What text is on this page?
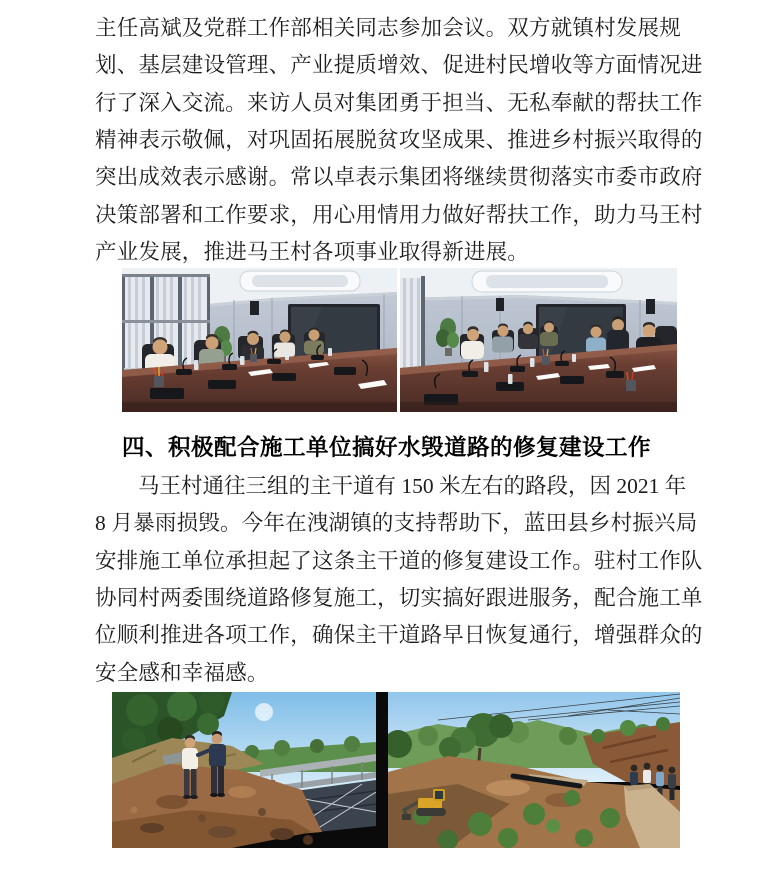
主任高斌及党群工作部相关同志参加会议。双方就镇村发展规
划、基层建设管理、产业提质增效、促进村民增收等方面情况进
行了深入交流。来访人员对集团勇于担当、无私奉献的帮扶工作
精神表示敬佩，对巩固拓展脱贫攻坚成果、推进乡村振兴取得的
突出成效表示感谢。常以卓表示集团将继续贯彻落实市委市政府
决策部署和工作要求，用心用情用力做好帮扶工作，助力马王村
产业发展，推进马王村各项事业取得新进展。
四、积极配合施工单位搞好水毁道路的修复建设工作
马王村通往三组的主干道有 150 米左右的路段，因 2021 年
8 月暴雨损毁。今年在洩湖镇的支持帮助下，蓝田县乡村振兴局
安排施工单位承担起了这条主干道的修复建设工作。驻村工作队
协同村两委围绕道路修复施工，切实搞好跟进服务，配合施工单
位顺利推进各项工作，确保主干道路早日恢复通行，增强群众的
安全感和幸福感。
